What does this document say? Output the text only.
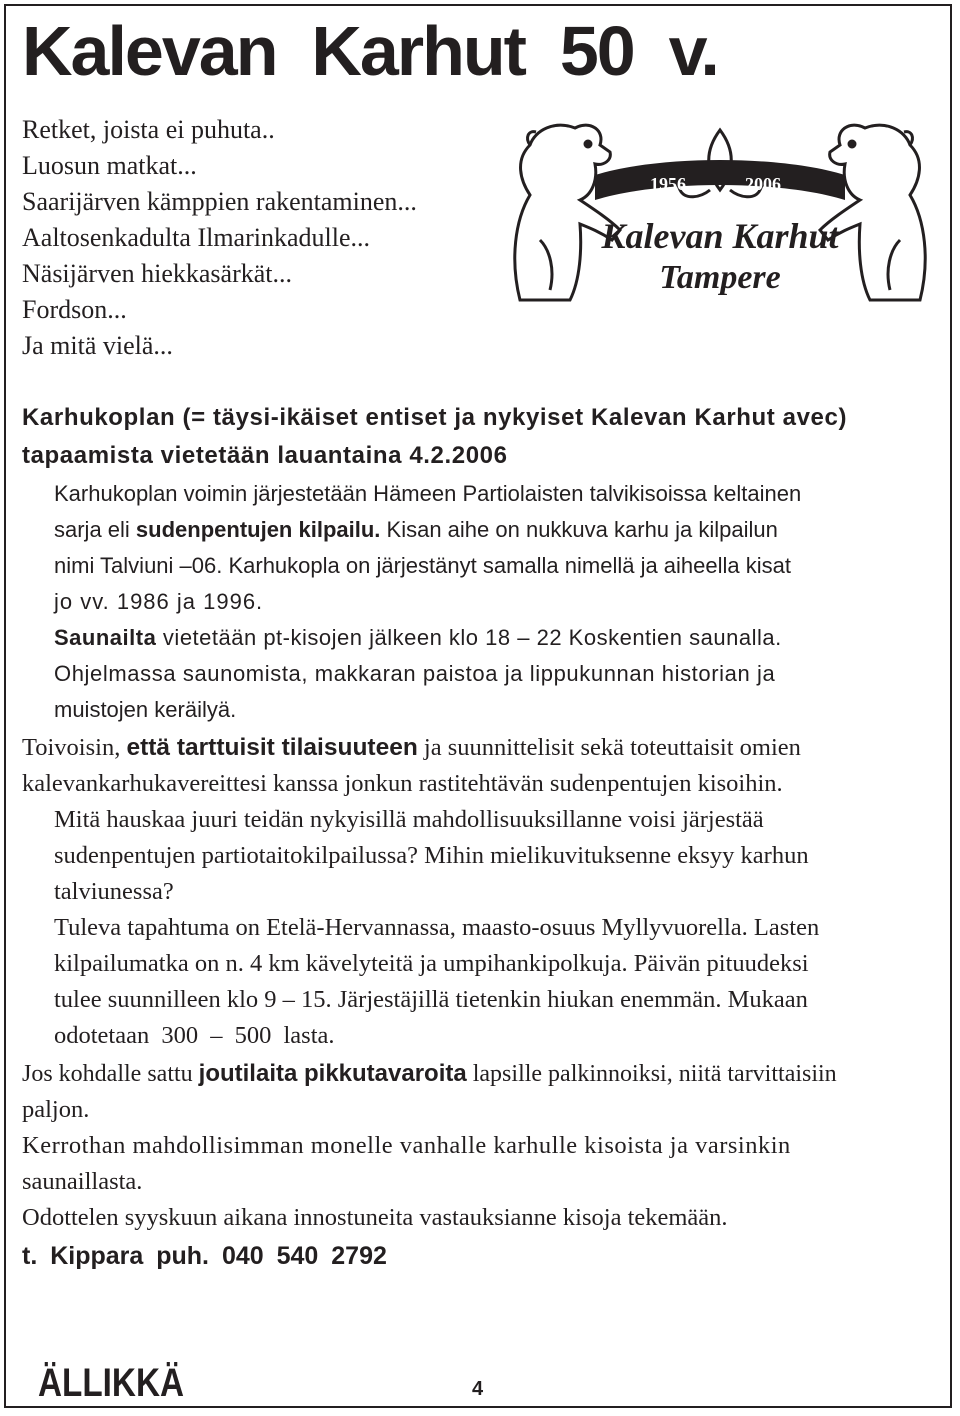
Kalevan  Karhut  50  v.
Retket, joista ei puhuta..
Luosun matkat...
Saarijärven kämppien rakentaminen...
Aaltosenkadulta Ilmarinkadulle...
Näsijärven hiekkasärkät...
Fordson...
Ja mitä vielä...
1956	2006
Kalevan Karhut
Tampere

Karhukoplan (= täysi-ikäiset entiset ja nykyiset Kalevan Karhut avec)

tapaamista vietetään lauantaina 4.2.2006

Karhukoplan voimin järjestetään Hämeen Partiolaisten talvikisoissa keltainen

sarja eli sudenpentujen kilpailu. Kisan aihe on nukkuva karhu ja kilpailun

nimi Talviuni –06. Karhukopla on järjestänyt samalla nimellä ja aiheella kisat

jo vv. 1986 ja 1996.

Saunailta vietetään pt-kisojen jälkeen klo 18 – 22 Koskentien saunalla.

Ohjelmassa saunomista, makkaran paistoa ja lippukunnan historian ja

muistojen keräilyä.

Toivoisin, että tarttuisit tilaisuuteen ja suunnittelisit sekä toteuttaisit omien

kalevankarhukavereittesi kanssa jonkun rastitehtävän sudenpentujen kisoihin.

Mitä hauskaa juuri teidän nykyisillä mahdollisuuksillanne voisi järjestää

sudenpentujen partiotaitokilpailussa? Mihin mielikuvituksenne eksyy karhun

talviunessa?

Tuleva tapahtuma on Etelä-Hervannassa, maasto-osuus Myllyvuorella. Lasten

kilpailumatka on n. 4 km kävelyteitä ja umpihankipolkuja. Päivän pituudeksi

tulee suunnilleen klo 9 – 15. Järjestäjillä tietenkin hiukan enemmän. Mukaan

odotetaan 300 – 500 lasta.

Jos kohdalle sattu joutilaita pikkutavaroita lapsille palkinnoiksi, niitä tarvittaisiin

paljon.

Kerrothan mahdollisimman monelle vanhalle karhulle kisoista ja varsinkin

saunaillasta.

Odottelen syyskuun aikana innostuneita vastauksianne kisoja tekemään.

t. Kippara puh. 040 540 2792

ÄLLIKKÄ	4
